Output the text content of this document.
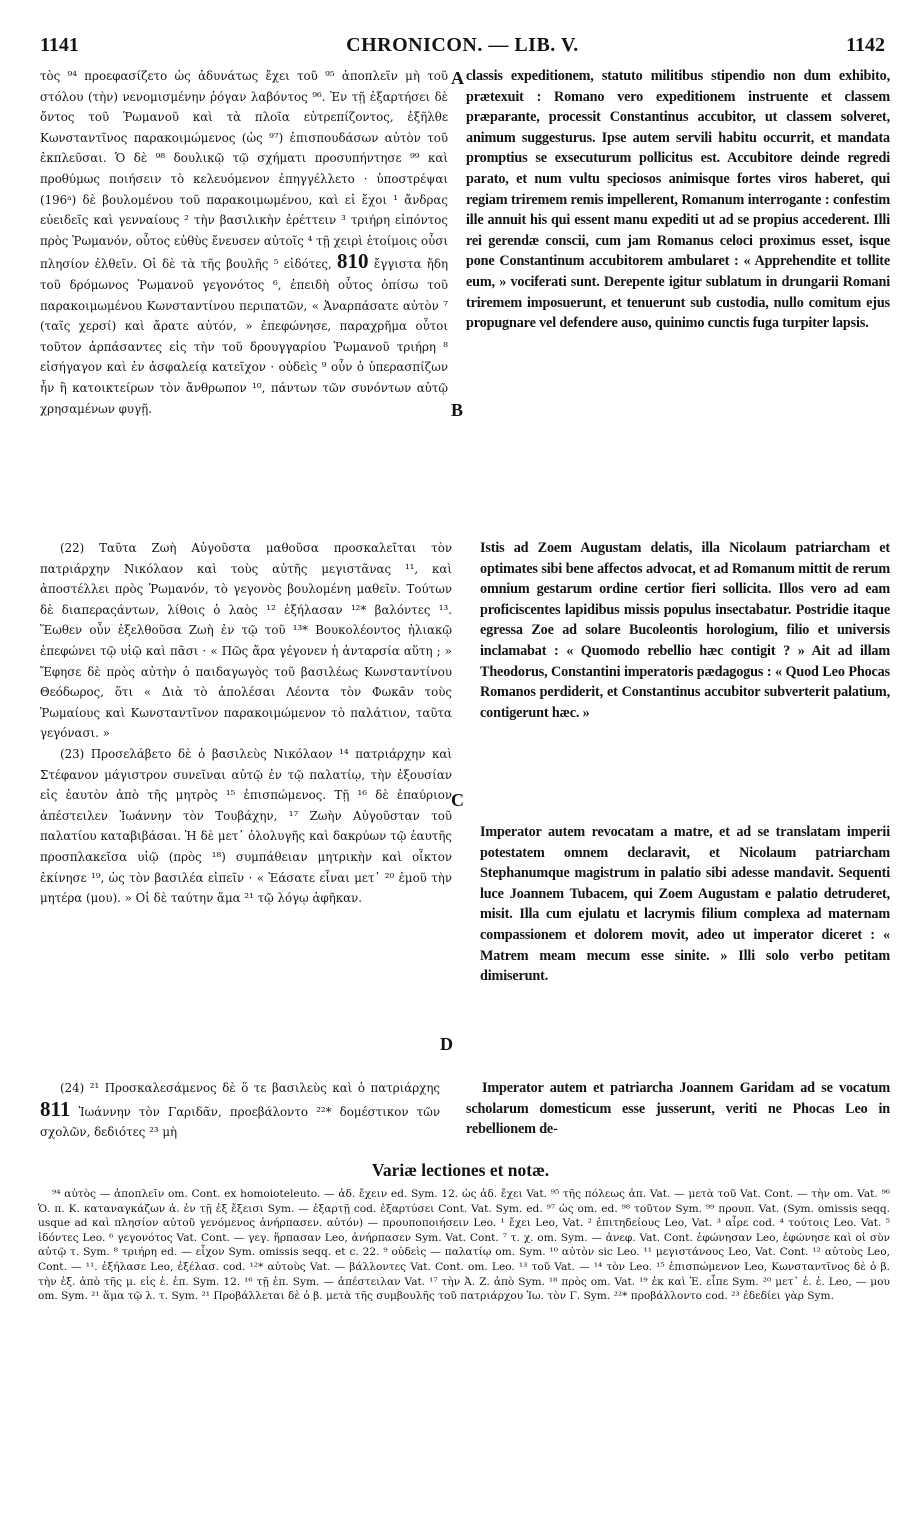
1141	CHRONICON. — LIB. V.	1142

τὸς ⁹⁴ προεφασίζετο ὡς ἀδυνάτως ἔχει τοῦ ⁹⁵ ἀποπλεῖν μὴ τοῦ στόλου (τὴν) νενομισμένην ῥόγαν λαβόντος ⁹⁶. Ἐν τῇ ἐξαρτήσει δὲ ὄντος τοῦ Ῥωμανοῦ καὶ τὰ πλοῖα εὐτρεπίζοντος, ἐξῆλθε Κωνσταντῖνος παρακοιμώμενος (ὡς ⁹⁷) ἐπισπουδάσων αὐτὸν τοῦ ἐκπλεῦσαι. Ὁ δὲ ⁹⁸ δουλικῷ τῷ σχήματι προσυπήντησε ⁹⁹ καὶ προθύμως ποιήσειν τὸ κελευόμενον ἐπηγγέλλετο · ὑποστρέψαι (196ᵃ) δὲ βουλομένου τοῦ παρακοιμωμένου, καὶ εἰ ἔχοι ¹ ἄνδρας εὐειδεῖς καὶ γενναίους ² τὴν βασιλικὴν ἐρέττειν ³ τριήρη εἰπόντος πρὸς Ῥωμανόν, οὗτος εὐθὺς ἔνευσεν αὐτοῖς ⁴ τῇ χειρὶ ἑτοίμοις οὖσι πλησίον ἐλθεῖν. Οἱ δὲ τὰ τῆς βουλῆς ⁵ εἰδότες, 810 ἔγγιστα ἤδη τοῦ δρόμωνος Ῥωμανοῦ γεγονότος ⁶, ἐπειδὴ οὗτος ὀπίσω τοῦ παρακοιμωμένου Κωνσταντίνου περιπατῶν, « Ἀναρπάσατε αὐτὸν ⁷ (ταῖς χερσί) καὶ ἄρατε αὐτόν, » ἐπεφώνησε, παραχρῆμα οὗτοι τοῦτον ἁρπάσαντες εἰς τὴν τοῦ δρουγγαρίου Ῥωμανοῦ τριήρη ⁸ εἰσήγαγον καὶ ἐν ἀσφαλείᾳ κατεῖχον · οὐδεὶς ⁹ οὖν ὁ ὑπερασπίζων ἦν ἢ κατοικτείρων τὸν ἄνθρωπον ¹⁰, πάντων τῶν συνόντων αὐτῷ χρησαμένων φυγῇ.

classis expeditionem, statuto militibus stipendio non dum exhibito, prætexuit : Romano vero expeditionem instruente et classem præparante, processit Constantinus accubitor, ut classem solveret, animum suggesturus. Ipse autem servili habitu occurrit, et mandata promptius se exsecuturum pollicitus est. Accubitore deinde regredi parato, et num vultu speciosos animisque fortes viros haberet, qui regiam triremem remis impellerent, Romanum interrogante : confestim ille annuit his qui essent manu expediti ut ad se propius accederent. Illi rei gerendæ conscii, cum jam Romanus celoci proximus esset, isque pone Constantinum accubitorem ambularet : « Apprehendite et tollite eum, » vociferati sunt. Derepente igitur sublatum in drungarii Romani triremem imposuerunt, et tenuerunt sub custodia, nullo comitum ejus propugnare vel defendere auso, quinimo cunctis fuga turpiter lapsis.

A
B
C
D

(22) Ταῦτα Ζωὴ Αὐγοῦστα μαθοῦσα προσκαλεῖται τὸν πατριάρχην Νικόλαον καὶ τοὺς αὐτῆς μεγιστᾶνας ¹¹, καὶ ἀποστέλλει πρὸς Ῥωμανόν, τὸ γεγονὸς βουλομένη μαθεῖν. Τούτων δὲ διαπεραςάντων, λίθοις ὁ λαὸς ¹² ἐξήλασαν ¹²* βαλόντες ¹³. Ἕωθεν οὖν ἐξελθοῦσα Ζωὴ ἐν τῷ τοῦ ¹³* Βουκολέοντος ἡλιακῷ ἐπεφώνει τῷ υἱῷ καὶ πᾶσι · « Πῶς ἄρα γέγονεν ἡ ἀνταρσία αὕτη ; » Ἔφησε δὲ πρὸς αὐτὴν ὁ παιδαγωγὸς τοῦ βασιλέως Κωνσταντίνου Θεόδωρος, ὅτι « Διὰ τὸ ἀπολέσαι Λέοντα τὸν Φωκᾶν τοὺς Ῥωμαίους καὶ Κωνσταντῖνον παρακοιμώμενον τὸ παλάτιον, ταῦτα γεγόνασι. »

(23) Προσελάβετο δὲ ὁ βασιλεὺς Νικόλαον ¹⁴ πατριάρχην καὶ Στέφανον μάγιστρον συνεῖναι αὐτῷ ἐν τῷ παλατίῳ, τὴν ἐξουσίαν εἰς ἑαυτὸν ἀπὸ τῆς μητρὸς ¹⁵ ἐπισπώμενος. Τῇ ¹⁶ δὲ ἐπαύριον ἀπέστειλεν Ἰωάννην τὸν Τουβάχην, ¹⁷ Ζωὴν Αὐγοῦσταν τοῦ παλατίου καταβιβάσαι. Ἡ δὲ μετ᾽ ὀλολυγῆς καὶ δακρύων τῷ ἑαυτῆς προσπλακεῖσα υἱῷ (πρὸς ¹⁸) συμπάθειαν μητρικὴν καὶ οἶκτον ἐκίνησε ¹⁹, ὡς τὸν βασιλέα εἰπεῖν · « Ἐάσατε εἶναι μετ᾽ ²⁰ ἐμοῦ τὴν μητέρα (μου). » Οἱ δὲ ταύτην ἅμα ²¹ τῷ λόγῳ ἀφῆκαν.

Istis ad Zoem Augustam delatis, illa Nicolaum patriarcham et optimates sibi bene affectos advocat, et ad Romanum mittit de rerum omnium gestarum ordine certior fieri sollicita. Illos vero ad eam proficiscentes lapidibus missis populus insectabatur. Postridie itaque egressa Zoe ad solare Bucoleontis horologium, filio et universis inclamabat : « Quomodo rebellio hæc contigit ? » Ait ad illam Theodorus, Constantini imperatoris pædagogus : « Quod Leo Phocas Romanos perdiderit, et Constantinus accubitor subverterit palatium, contigerunt hæc. »

Imperator autem revocatam a matre, et ad se translatam imperii potestatem omnem declaravit, et Nicolaum patriarcham Stephanumque magistrum in palatio sibi adesse mandavit. Sequenti luce Joannem Tubacem, qui Zoem Augustam e palatio detruderet, misit. Illa cum ejulatu et lacrymis filium complexa ad maternam compassionem et dolorem movit, adeo ut imperator diceret : « Matrem meam mecum esse sinite. » Illi solo verbo petitam dimiserunt.

(24) ²¹ Προσκαλεσάμενος δὲ ὅ τε βασιλεὺς καὶ ὁ πατριάρχης 811 Ἰωάννην τὸν Γαριδᾶν, προεβάλοντο ²²* δομέστικον τῶν σχολῶν, δεδιότες ²³ μὴ

Imperator autem et patriarcha Joannem Garidam ad se vocatum scholarum domesticum esse jusserunt, veriti ne Phocas Leo in rebellionem de-

Variæ lectiones et notæ.

⁹⁴ αὐτὸς — ἀποπλεῖν om. Cont. ex homoioteleuto. — ἀδ. ἔχειν ed. Sym. 12. ὡς ἀδ. ἔχει Vat. ⁹⁵ τῆς πόλεως ἀπ. Vat. — μετὰ τοῦ Vat. Cont. — τὴν om. Vat. ⁹⁶ Ὁ. π. Κ. καταναγκάζων ἀ. ἐν τῇ ἐξ ἔξεισι Sym. — ἐξαρτῇ cod. ἐξαρτύσει Cont. Vat. Sym. ed. ⁹⁷ ὡς om. ed. ⁹⁸ τοῦτον Sym. ⁹⁹ προυπ. Vat. (Sym. omissis seqq. usque ad καὶ πλησίον αὐτοῦ γενόμενος ἀνήρπασεν. αὐτόν) — προυποποιήσειν Leo. ¹ ἔχει Leo, Vat. ² ἐπιτηδείους Leo, Vat. ³ αἶρε cod. ⁴ τούτοις Leo. Vat. ⁵ ἰδόντες Leo. ⁶ γεγονότος Vat. Cont. — γεγ. ἥρπασαν Leo, ἀνήρπασεν Sym. Vat. Cont. ⁷ τ. χ. om. Sym. — ἀνεφ. Vat. Cont. ἐφώνησαν Leo, ἐφώνησε καὶ οἱ σὺν αὐτῷ τ. Sym. ⁸ τριήρη ed. — εἶχον Sym. omissis seqq. et c. 22. ⁹ οὐδεὶς — παλατίῳ om. Sym. ¹⁰ αὐτὸν sic Leo. ¹¹ μεγιστάνους Leo, Vat. Cont. ¹² αὐτοὺς Leo, Cont. — ¹¹. ἐξήλασε Leo, ἐξέλασ. cod. ¹²* αὐτοὺς Vat. — βάλλοντες Vat. Cont. om. Leo. ¹³ τοῦ Vat. — ¹⁴ τὸν Leo. ¹⁵ ἐπισπώμενον Leo, Κωνσταντῖνος δὲ ὁ β. τὴν ἐξ. ἀπὸ τῆς μ. εἰς ἑ. ἐπ. Sym. 12. ¹⁶ τῇ ἐπ. Sym. — ἀπέστειλαν Vat. ¹⁷ τὴν Ἀ. Ζ. ἀπὸ Sym. ¹⁸ πρὸς om. Vat. ¹⁹ ἐκ καὶ Ἐ. εἶπε Sym. ²⁰ μετ᾽ ἐ. ἐ. Leo, — μου om. Sym. ²¹ ἅμα τῷ λ. τ. Sym. ²¹ Προβάλλεται δὲ ὁ β. μετὰ τῆς συμβουλῆς τοῦ πατριάρχου Ἰω. τὸν Γ. Sym. ²²* προβάλλοντο cod. ²³ ἐδεδίει γὰρ Sym.
